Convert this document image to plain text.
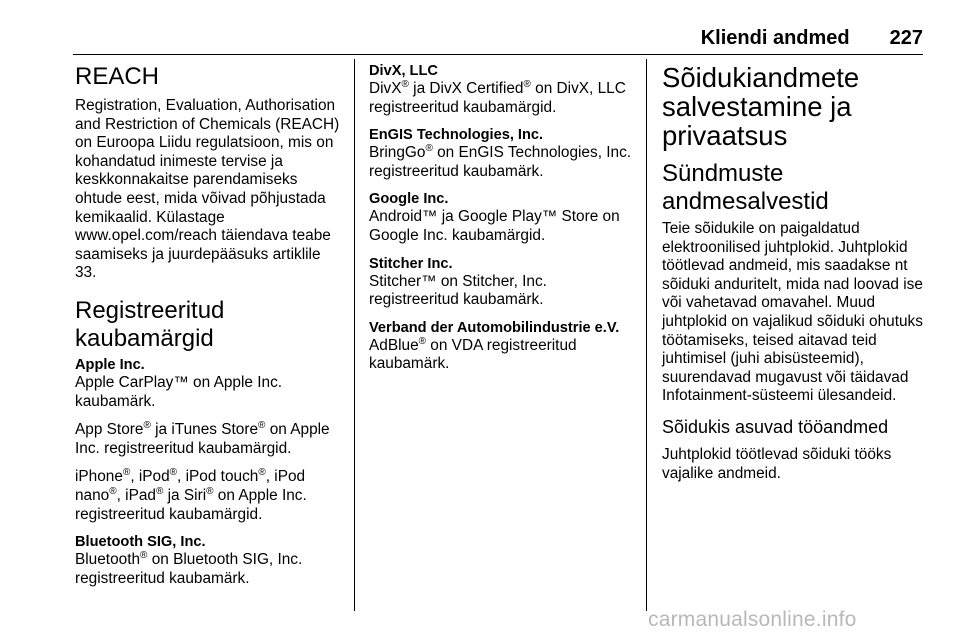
Kliendi andmed 227
REACH

Registration, Evaluation, Authorisation and Restriction of Chemicals (REACH) on Euroopa Liidu regulatsioon, mis on kohandatud inimeste tervise ja keskkonnakaitse parendamiseks ohtude eest, mida võivad põhjustada kemikaalid. Külastage www.opel.com/reach täiendava teabe saamiseks ja juurdepääsuks artiklile 33.

Registreeritud kaubamärgid
Apple Inc.

Apple CarPlay™ on Apple Inc. kaubamärk.

App Store® ja iTunes Store® on Apple Inc. registreeritud kaubamärgid.

iPhone®, iPod®, iPod touch®, iPod nano®, iPad® ja Siri® on Apple Inc. registreeritud kaubamärgid.

Bluetooth SIG, Inc.

Bluetooth® on Bluetooth SIG, Inc. registreeritud kaubamärk.

DivX, LLC

DivX® ja DivX Certified® on DivX, LLC registreeritud kaubamärgid.

EnGIS Technologies, Inc.

BringGo® on EnGIS Technologies, Inc. registreeritud kaubamärk.

Google Inc.

Android™ ja Google Play™ Store on Google Inc. kaubamärgid.

Stitcher Inc.

Stitcher™ on Stitcher, Inc. registreeritud kaubamärk.

Verband der Automobilindustrie e.V.

AdBlue® on VDA registreeritud kaubamärk.

Sõidukiandmete salvestamine ja privaatsus
Sündmuste andmesalvestid

Teie sõidukile on paigaldatud elektroonilised juhtplokid. Juhtplokid töötlevad andmeid, mis saadakse nt sõiduki anduritelt, mida nad loovad ise või vahetavad omavahel. Muud juhtplokid on vajalikud sõiduki ohutuks töötamiseks, teised aitavad teid juhtimisel (juhi abisüsteemid), suurendavad mugavust või täidavad Infotainment-süsteemi ülesandeid.

Sõidukis asuvad tööandmed

Juhtplokid töötlevad sõiduki tööks vajalike andmeid.

carmanualsonline.info
